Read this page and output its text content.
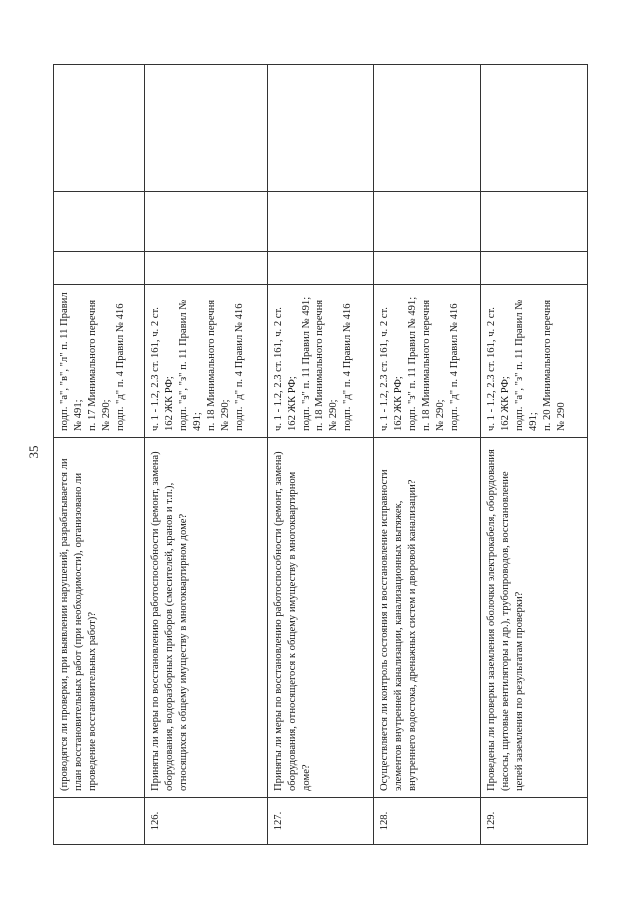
35
	(проводятся ли проверки, при выявлении нарушений, разрабатывается ли план восстановительных работ (при необходимости), организовано ли проведение восстановительных работ)?	подп. "а", "в", "л" п. 11 Правил № 491; п. 17 Минимального перечня № 290; подп. "д" п. 4 Правил № 416			

126.	Приняты ли меры по восстановлению работоспособности (ремонт, замена) оборудования, водоразборных приборов (смесителей, кранов и т.п.), относящихся к общему имуществу в многоквартирном доме?	ч. 1 - 1.2, 2.3 ст. 161, ч. 2 ст. 162 ЖК РФ; подп. "а", "з" п. 11 Правил № 491; п. 18 Минимального перечня № 290; подп. "д" п. 4 Правил № 416			

127.	Приняты ли меры по восстановлению работоспособности (ремонт, замена) оборудования, относящегося к общему имуществу в многоквартирном доме?	ч. 1 - 1.2, 2.3 ст. 161, ч. 2 ст. 162 ЖК РФ; подп. "з" п. 11 Правил № 491; п. 18 Минимального перечня № 290; подп. "д" п. 4 Правил № 416			

128.	Осуществляется ли контроль состояния и восстановление исправности элементов внутренней канализации, канализационных вытяжек, внутреннего водостока, дренажных систем и дворовой канализации?	ч. 1 - 1.2, 2.3 ст. 161, ч. 2 ст. 162 ЖК РФ; подп. "з" п. 11 Правил № 491; п. 18 Минимального перечня № 290; подп. "д" п. 4 Правил № 416			

129.	Проведены ли проверки заземления оболочки электрокабеля, оборудования (насосы, щитовые вентиляторы и др.), трубопроводов, восстановление цепей заземления по результатам проверки?	ч. 1 - 1.2, 2.3 ст. 161, ч. 2 ст. 162 ЖК РФ; подп. "а", "з" п. 11 Правил № 491; п. 20 Минимального перечня № 290			
